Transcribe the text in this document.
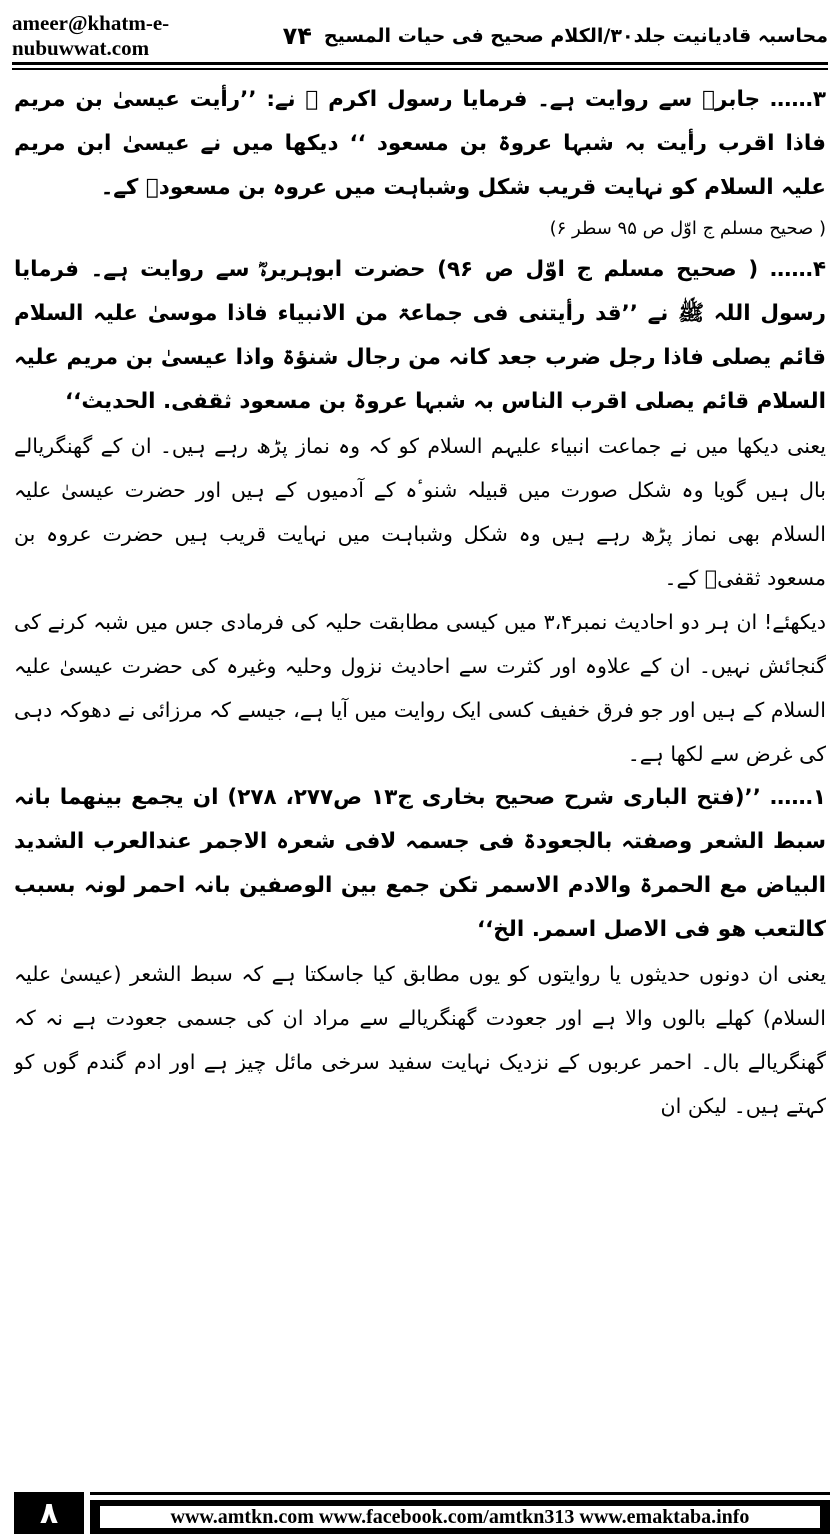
ameer@khatm-e-nubuwwat.com	محاسبہ قادیانیت جلد۳۰/الکلام صحیح فی حیات المسیح
۷۴

۳…… جابرؓ سے روایت ہے۔ فرمایا رسول اکرم ﷺ نے: ’’رأیت عیسیٰ بن مریم فاذا اقرب رأیت بہ شبہا عروۃ بن مسعود ‘‘ دیکھا میں نے عیسیٰ ابن مریم علیہ السلام کو نہایت قریب شکل وشباہت میں عروہ بن مسعودؓ کے۔

( صحیح مسلم ج اوّل ص ۹۵ سطر ۶)

۴…… ( صحیح مسلم ج اوّل ص ۹۶) حضرت ابوہریرہؓ سے روایت ہے۔ فرمایا رسول اللہ ﷺ نے ’’قد رأیتنی فی جماعۃ من الانبیاء فاذا موسیٰ علیہ السلام قائم یصلی فاذا رجل ضرب جعد کانہ من رجال شنؤۃ واذا عیسیٰ بن مریم علیہ السلام قائم یصلی اقرب الناس بہ شبہا عروۃ بن مسعود ثقفی. الحدیث‘‘

یعنی دیکھا میں نے جماعت انبیاء علیہم السلام کو کہ وہ نماز پڑھ رہے ہیں۔ ان کے گھنگریالے بال ہیں گویا وہ شکل صورت میں قبیلہ شنوٴہ کے آدمیوں کے ہیں اور حضرت عیسیٰ علیہ السلام بھی نماز پڑھ رہے ہیں وہ شکل وشباہت میں نہایت قریب ہیں حضرت عروہ بن مسعود ثقفیؓ کے۔

دیکھئے! ان ہر دو احادیث نمبر۳،۴ میں کیسی مطابقت حلیہ کی فرمادی جس میں شبہ کرنے کی گنجائش نہیں۔ ان کے علاوہ اور کثرت سے احادیث نزول وحلیہ وغیرہ کی حضرت عیسیٰ علیہ السلام کے ہیں اور جو فرق خفیف کسی ایک روایت میں آیا ہے، جیسے کہ مرزائی نے دھوکہ دہی کی غرض سے لکھا ہے۔

۱…… ’’(فتح الباری شرح صحیح بخاری ج۱۳ ص۲۷۷، ۲۷۸) ان یجمع بینھما بانہ سبط الشعر وصفتہ بالجعودۃ فی جسمہ لافی شعرہ الاجمر عندالعرب الشدید البیاض مع الحمرۃ والادم الاسمر تکن جمع بین الوصفین بانہ احمر لونہ بسبب کالتعب ھو فی الاصل اسمر. الخ‘‘

یعنی ان دونوں حدیثوں یا روایتوں کو یوں مطابق کیا جاسکتا ہے کہ سبط الشعر (عیسیٰ علیہ السلام) کھلے بالوں والا ہے اور جعودت گھنگریالے سے مراد ان کی جسمی جعودت ہے نہ کہ گھنگریالے بال۔ احمر عربوں کے نزدیک نہایت سفید سرخی مائل چیز ہے اور ادم گندم گوں کو کہتے ہیں۔ لیکن ان

۸	www.amtkn.com www.facebook.com/amtkn313 www.emaktaba.info
